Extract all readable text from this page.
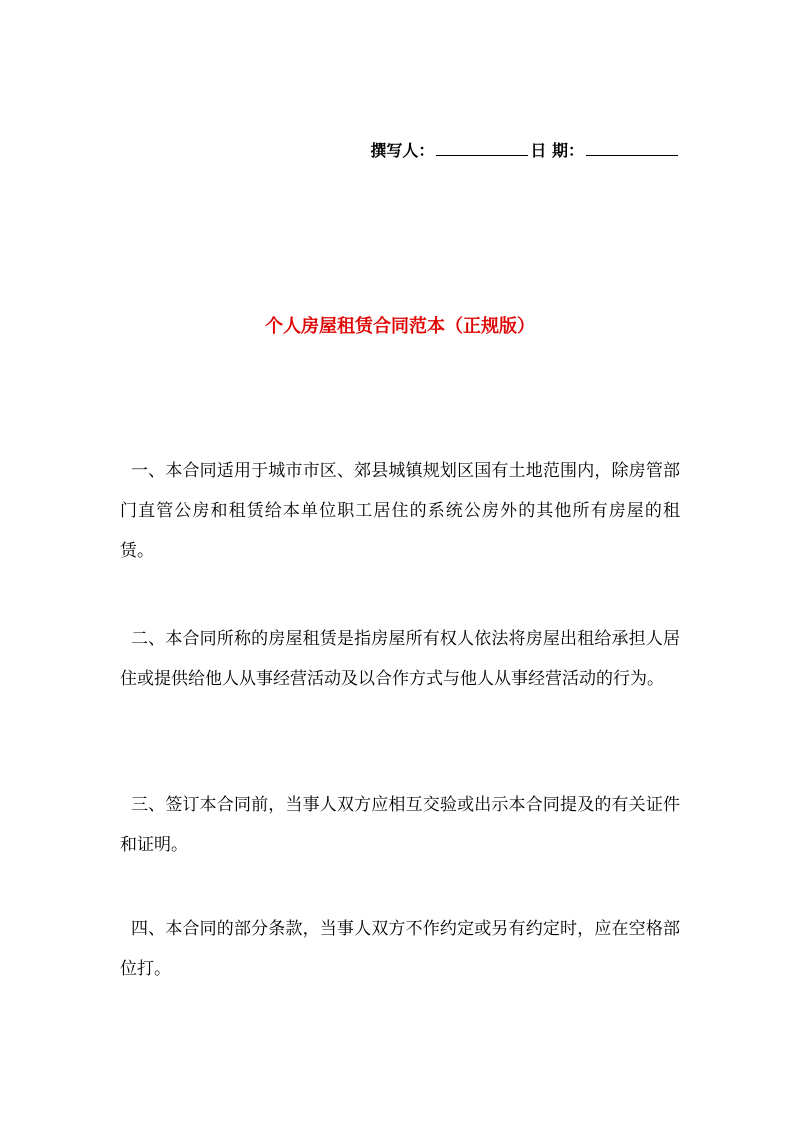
撰写人：	日 期：
个人房屋租赁合同范本（正规版）

一、本合同适用于城市市区、郊县城镇规划区国有土地范围内，除房管部门直管公房和租赁给本单位职工居住的系统公房外的其他所有房屋的租赁。

二、本合同所称的房屋租赁是指房屋所有权人依法将房屋出租给承担人居住或提供给他人从事经营活动及以合作方式与他人从事经营活动的行为。

三、签订本合同前，当事人双方应相互交验或出示本合同提及的有关证件和证明。

四、本合同的部分条款，当事人双方不作约定或另有约定时，应在空格部位打。
